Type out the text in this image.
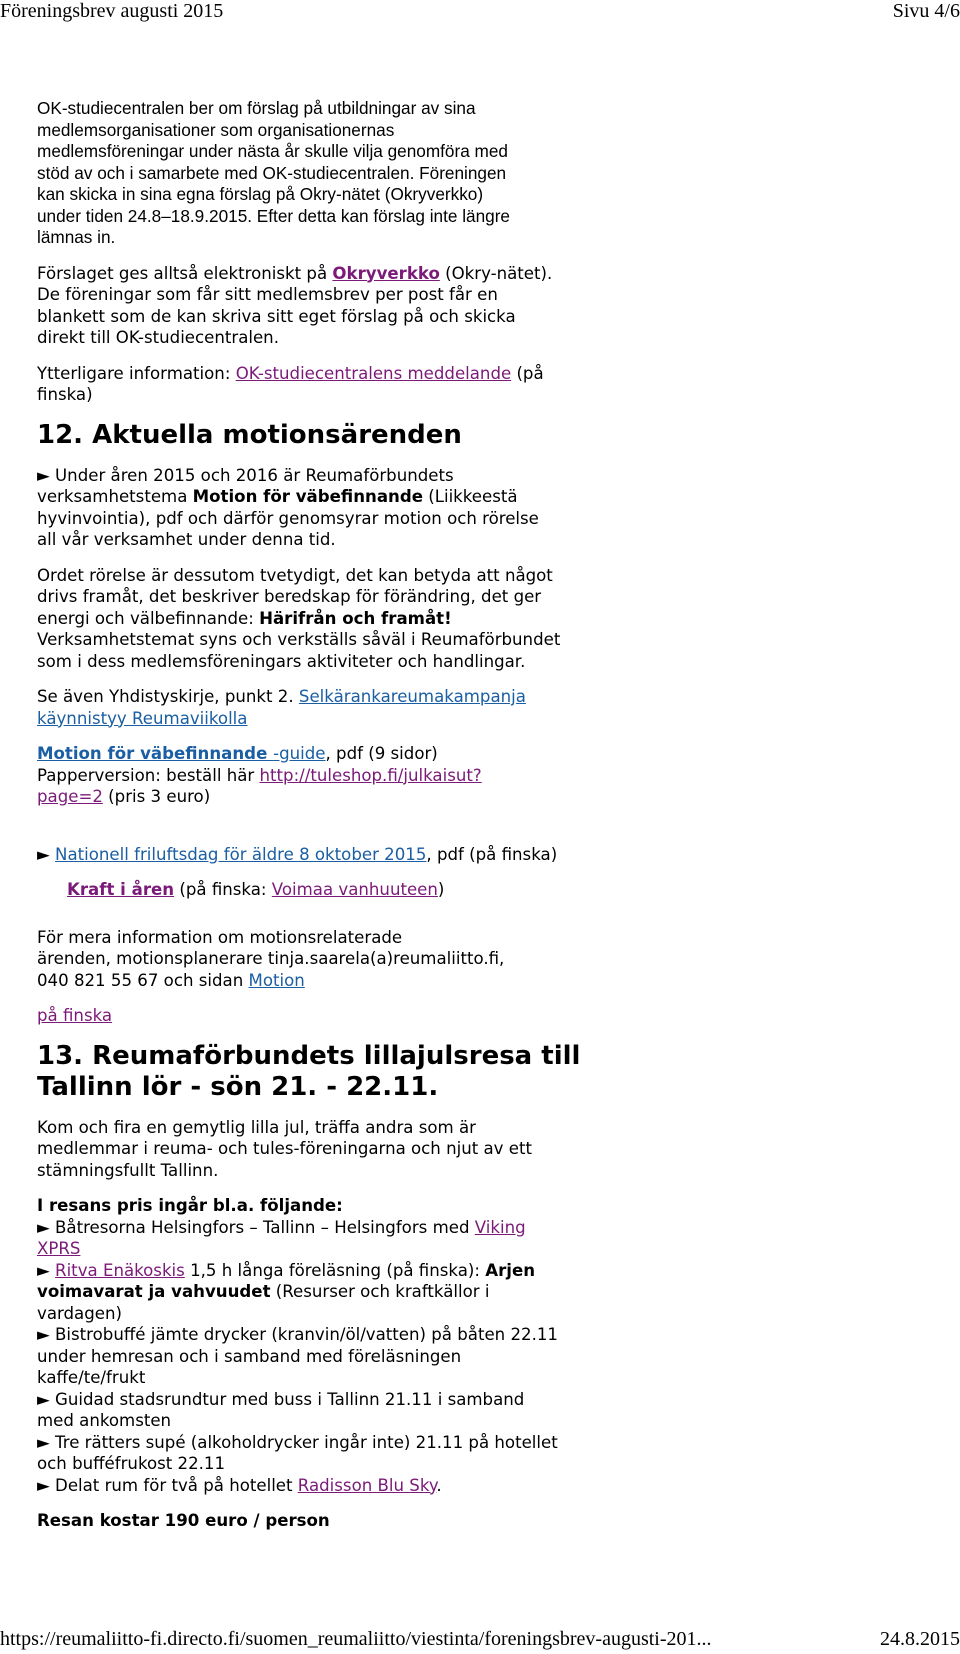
Föreningsbrev augusti 2015	Sivu 4/6

OK-studiecentralen ber om förslag på utbildningar av sina
medlemsorganisationer som organisationernas
medlemsföreningar under nästa år skulle vilja genomföra med
stöd av och i samarbete med OK-studiecentralen. Föreningen
kan skicka in sina egna förslag på Okry-nätet (Okryverkko)
under tiden 24.8–18.9.2015. Efter detta kan förslag inte längre
lämnas in.

Förslaget ges alltså elektroniskt på Okryverkko (Okry-nätet).
De föreningar som får sitt medlemsbrev per post får en
blankett som de kan skriva sitt eget förslag på och skicka
direkt till OK-studiecentralen.

Ytterligare information: OK-studiecentralens meddelande (på
finska)

12. Aktuella motionsärenden

► Under åren 2015 och 2016 är Reumaförbundets
verksamhetstema Motion för väbefinnande (Liikkeestä
hyvinvointia), pdf och därför genomsyrar motion och rörelse
all vår verksamhet under denna tid.

Ordet rörelse är dessutom tvetydigt, det kan betyda att något
drivs framåt, det beskriver beredskap för förändring, det ger
energi och välbefinnande: Härifrån och framåt!
Verksamhetstemat syns och verkställs såväl i Reumaförbundet
som i dess medlemsföreningars aktiviteter och handlingar.

Se även Yhdistyskirje, punkt 2. Selkärankareumakampanja
käynnistyy Reumaviikolla

Motion för väbefinnande -guide, pdf (9 sidor)
Papperversion: beställ här http://tuleshop.fi/julkaisut?
page=2 (pris 3 euro)

► Nationell friluftsdag för äldre 8 oktober 2015, pdf (på finska)

Kraft i åren (på finska: Voimaa vanhuuteen)

För mera information om motionsrelaterade
ärenden, motionsplanerare tinja.saarela(a)reumaliitto.fi,
040 821 55 67 och sidan Motion

på finska

13. Reumaförbundets lillajulsresa till
Tallinn lör - sön 21. - 22.11.

Kom och fira en gemytlig lilla jul, träffa andra som är
medlemmar i reuma- och tules-föreningarna och njut av ett
stämningsfullt Tallinn.

I resans pris ingår bl.a. följande:
► Båtresorna Helsingfors – Tallinn – Helsingfors med Viking
XPRS
► Ritva Enäkoskis 1,5 h långa föreläsning (på finska): Arjen
voimavarat ja vahvuudet (Resurser och kraftkällor i
vardagen)
► Bistrobuffé jämte drycker (kranvin/öl/vatten) på båten 22.11
under hemresan och i samband med föreläsningen
kaffe/te/frukt
► Guidad stadsrundtur med buss i Tallinn 21.11 i samband
med ankomsten
► Tre rätters supé (alkoholdrycker ingår inte) 21.11 på hotellet
och bufféfrukost 22.11
► Delat rum för två på hotellet Radisson Blu Sky.

Resan kostar 190 euro / person

https://reumaliitto-fi.directo.fi/suomen_reumaliitto/viestinta/foreningsbrev-augusti-201...	24.8.2015
